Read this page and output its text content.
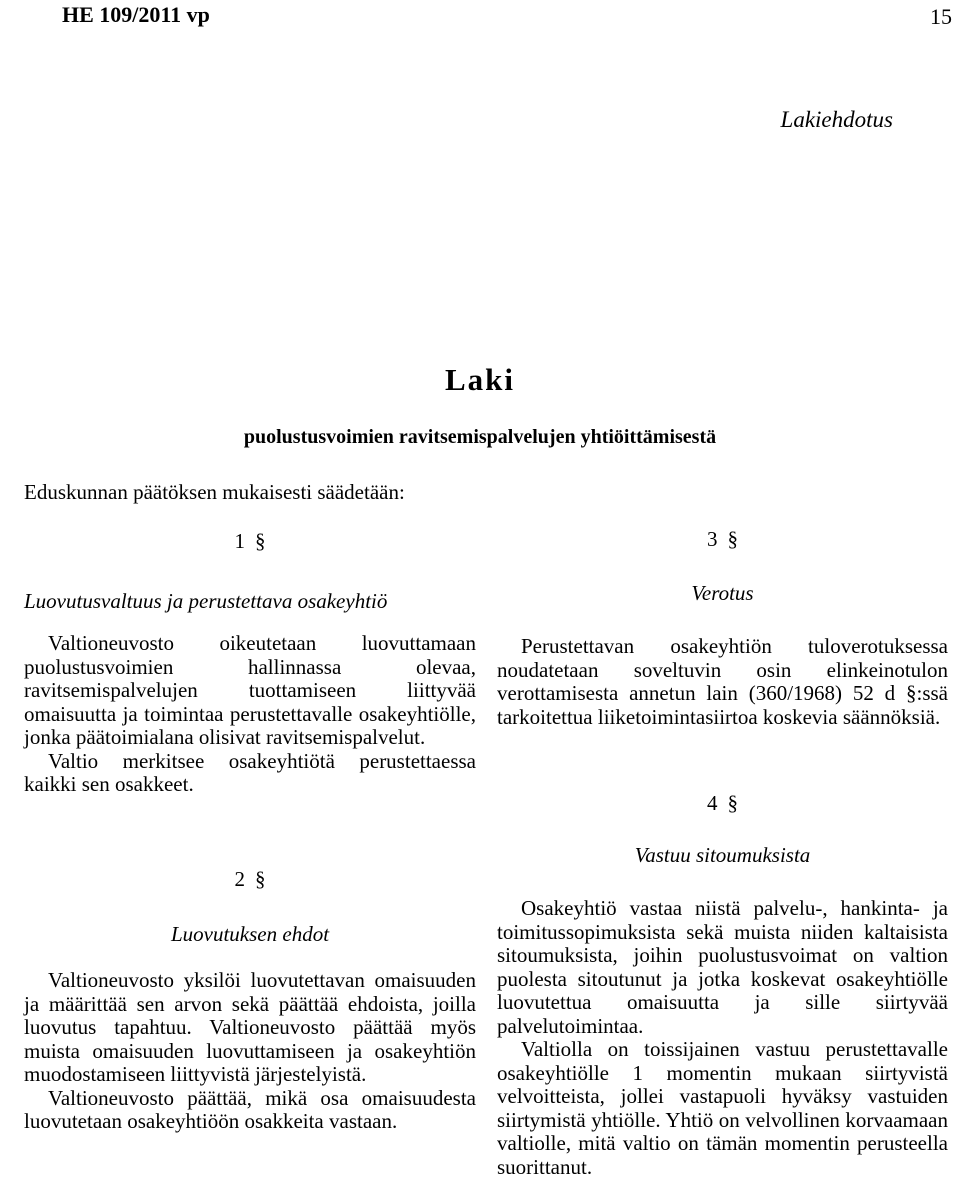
HE 109/2011 vp	15
Lakiehdotus
Laki
puolustusvoimien ravitsemispalvelujen yhtiöittämisestä
Eduskunnan päätöksen mukaisesti säädetään:
1 §
Luovutusvaltuus ja perustettava osakeyhtiö

Valtioneuvosto oikeutetaan luovuttamaan puolustusvoimien hallinnassa olevaa, ravitsemispalvelujen tuottamiseen liittyvää omaisuutta ja toimintaa perustettavalle osakeyhtiölle, jonka päätoimialana olisivat ravitsemispalvelut.

Valtio merkitsee osakeyhtiötä perustettaessa kaikki sen osakkeet.

2 §
Luovutuksen ehdot

Valtioneuvosto yksilöi luovutettavan omaisuuden ja määrittää sen arvon sekä päättää ehdoista, joilla luovutus tapahtuu. Valtioneuvosto päättää myös muista omaisuuden luovuttamiseen ja osakeyhtiön muodostamiseen liittyvistä järjestelyistä.

Valtioneuvosto päättää, mikä osa omaisuudesta luovutetaan osakeyhtiöön osakkeita vastaan.

3 §
Verotus

Perustettavan osakeyhtiön tuloverotuksessa noudatetaan soveltuvin osin elinkeinotulon verottamisesta annetun lain (360/1968) 52 d §:ssä tarkoitettua liiketoimintasiirtoa koskevia säännöksiä.

4 §
Vastuu sitoumuksista

Osakeyhtiö vastaa niistä palvelu-, hankinta- ja toimitussopimuksista sekä muista niiden kaltaisista sitoumuksista, joihin puolustusvoimat on valtion puolesta sitoutunut ja jotka koskevat osakeyhtiölle luovutettua omaisuutta ja sille siirtyvää palvelutoimintaa.

Valtiolla on toissijainen vastuu perustettavalle osakeyhtiölle 1 momentin mukaan siirtyvistä velvoitteista, jollei vastapuoli hyväksy vastuiden siirtymistä yhtiölle. Yhtiö on velvollinen korvaamaan valtiolle, mitä valtio on tämän momentin perusteella suorittanut.
